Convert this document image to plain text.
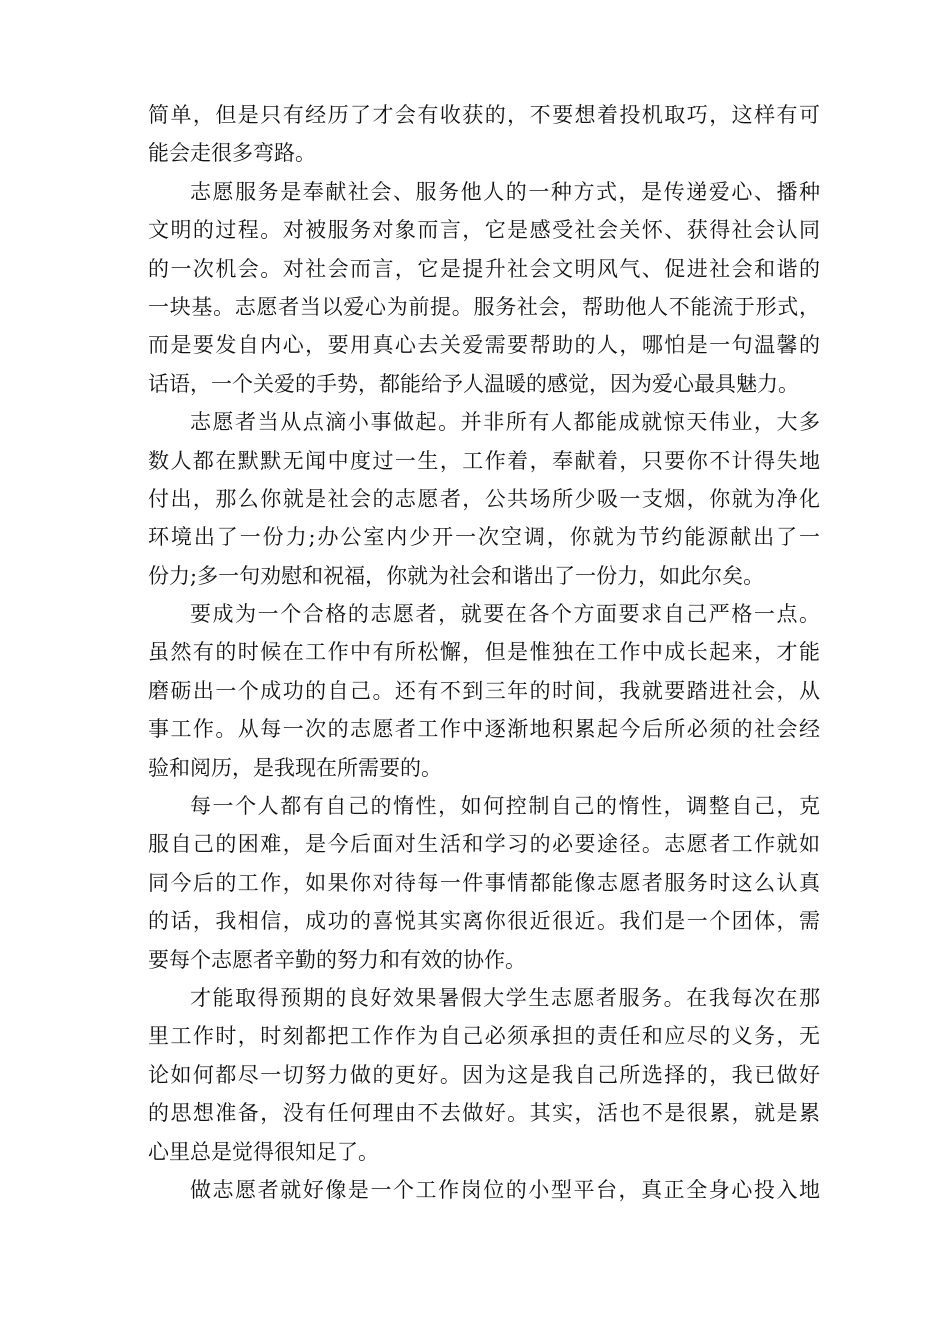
简单，但是只有经历了才会有收获的，不要想着投机取巧，这样有可
能会走很多弯路。
志愿服务是奉献社会、服务他人的一种方式，是传递爱心、播种
文明的过程。对被服务对象而言，它是感受社会关怀、获得社会认同
的一次机会。对社会而言，它是提升社会文明风气、促进社会和谐的
一块基。志愿者当以爱心为前提。服务社会，帮助他人不能流于形式，
而是要发自内心，要用真心去关爱需要帮助的人，哪怕是一句温馨的
话语，一个关爱的手势，都能给予人温暖的感觉，因为爱心最具魅力。
志愿者当从点滴小事做起。并非所有人都能成就惊天伟业，大多
数人都在默默无闻中度过一生，工作着，奉献着，只要你不计得失地
付出，那么你就是社会的志愿者，公共场所少吸一支烟，你就为净化
环境出了一份力;办公室内少开一次空调，你就为节约能源献出了一
份力;多一句劝慰和祝福，你就为社会和谐出了一份力，如此尔矣。
要成为一个合格的志愿者，就要在各个方面要求自己严格一点。
虽然有的时候在工作中有所松懈，但是惟独在工作中成长起来，才能
磨砺出一个成功的自己。还有不到三年的时间，我就要踏进社会，从
事工作。从每一次的志愿者工作中逐渐地积累起今后所必须的社会经
验和阅历，是我现在所需要的。
每一个人都有自己的惰性，如何控制自己的惰性，调整自己，克
服自己的困难，是今后面对生活和学习的必要途径。志愿者工作就如
同今后的工作，如果你对待每一件事情都能像志愿者服务时这么认真
的话，我相信，成功的喜悦其实离你很近很近。我们是一个团体，需
要每个志愿者辛勤的努力和有效的协作。
才能取得预期的良好效果暑假大学生志愿者服务。在我每次在那
里工作时，时刻都把工作作为自己必须承担的责任和应尽的义务，无
论如何都尽一切努力做的更好。因为这是我自己所选择的，我已做好
的思想准备，没有任何理由不去做好。其实，活也不是很累，就是累
心里总是觉得很知足了。
做志愿者就好像是一个工作岗位的小型平台，真正全身心投入地
